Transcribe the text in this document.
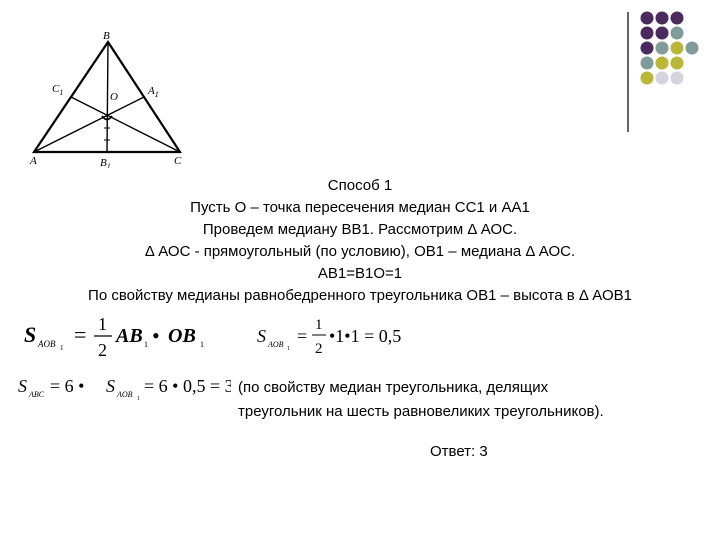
B
$C_1$	O	$A_1$
A	$B_1$	C
Способ 1
Пусть О – точка пересечения медиан СС1 и АА1
Проведем медиану ВВ1. Рассмотрим Δ АОС.
Δ АОС - прямоугольный (по условию), ОВ1 – медиана Δ АОС.
АВ1=В1О=1
По свойству медианы равнобедренного треугольника ОВ1 – высота в Δ АОВ1
S AOB 1
= 1
2
AB 1 • OB 1	S AOB 1
=
1
2
•1•1 = 0,5
S ABC = 6 • S AOB 1
= 6 • 0,5 = 3 (по свойству медиан треугольника, делящих
треугольник на шесть равновеликих треугольников).
Ответ: 3
